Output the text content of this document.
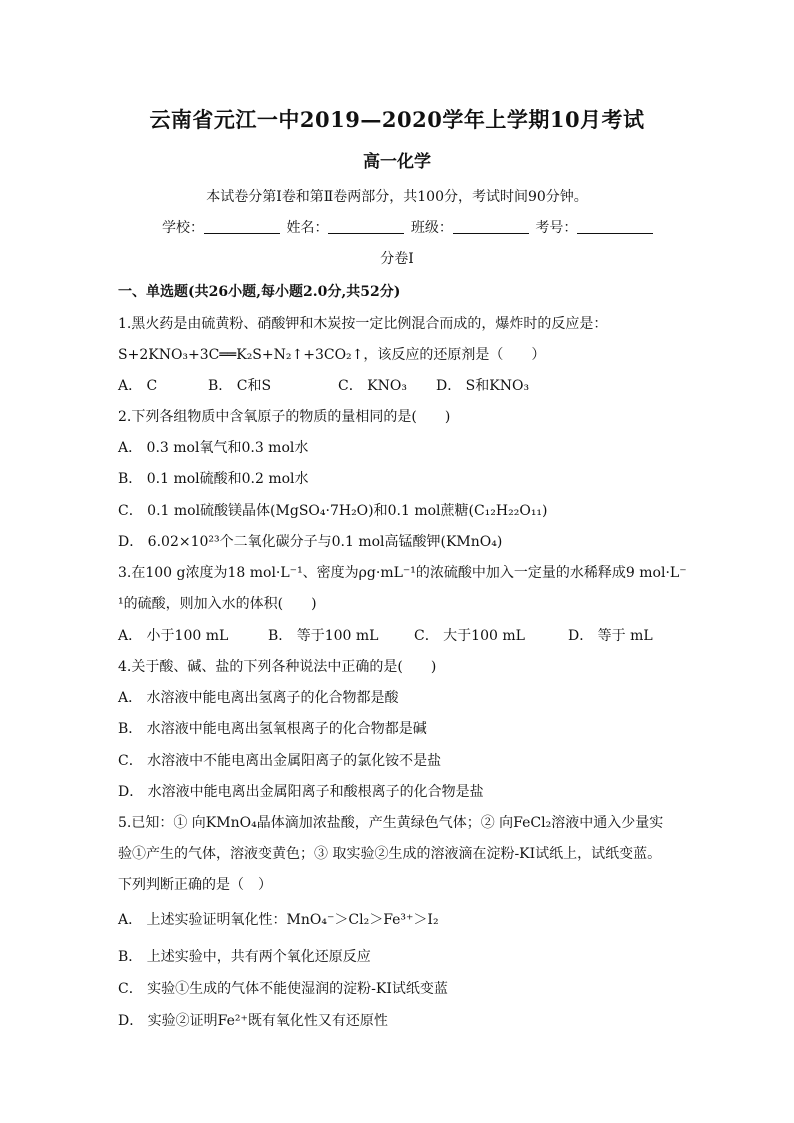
云南省元江一中2019—2020学年上学期10月考试
高一化学
本试卷分第Ⅰ卷和第Ⅱ卷两部分，共100分，考试时间90分钟。
学校：	姓名：	班级：	考号：
分卷I
一、单选题(共26小题,每小题2.0分,共52分)
1.黑火药是由硫黄粉、硝酸钾和木炭按一定比例混合而成的，爆炸时的反应是：
S+2KNO₃+3C══K₂S+N₂↑+3CO₂↑，该反应的还原剂是（　　）
A． C	B． C和S	C． KNO₃ D． S和KNO₃
2.下列各组物质中含氧原子的物质的量相同的是(　　)
A． 0.3 mol氧气和0.3 mol水
B． 0.1 mol硫酸和0.2 mol水
C． 0.1 mol硫酸镁晶体(MgSO₄·7H₂O)和0.1 mol蔗糖(C₁₂H₂₂O₁₁)
D． 6.02×10²³个二氧化碳分子与0.1 mol高锰酸钾(KMnO₄)
3.在100 g浓度为18 mol·L⁻¹、密度为ρg·mL⁻¹的浓硫酸中加入一定量的水稀释成9 mol·L⁻
¹的硫酸，则加入水的体积(　　)
A． 小于100 mL	B． 等于100 mL	C． 大于100 mL	D． 等于 mL
4.关于酸、碱、盐的下列各种说法中正确的是(　　)
A． 水溶液中能电离出氢离子的化合物都是酸
B． 水溶液中能电离出氢氧根离子的化合物都是碱
C． 水溶液中不能电离出金属阳离子的氯化铵不是盐
D． 水溶液中能电离出金属阳离子和酸根离子的化合物是盐
5.已知：① 向KMnO₄晶体滴加浓盐酸，产生黄绿色气体；② 向FeCl₂溶液中通入少量实
验①产生的气体，溶液变黄色；③ 取实验②生成的溶液滴在淀粉-KI试纸上，试纸变蓝。
下列判断正确的是（　）
A． 上述实验证明氧化性：MnO₄⁻＞Cl₂＞Fe³⁺＞I₂
B． 上述实验中，共有两个氧化还原反应
C． 实验①生成的气体不能使湿润的淀粉-KI试纸变蓝
D． 实验②证明Fe²⁺既有氧化性又有还原性
